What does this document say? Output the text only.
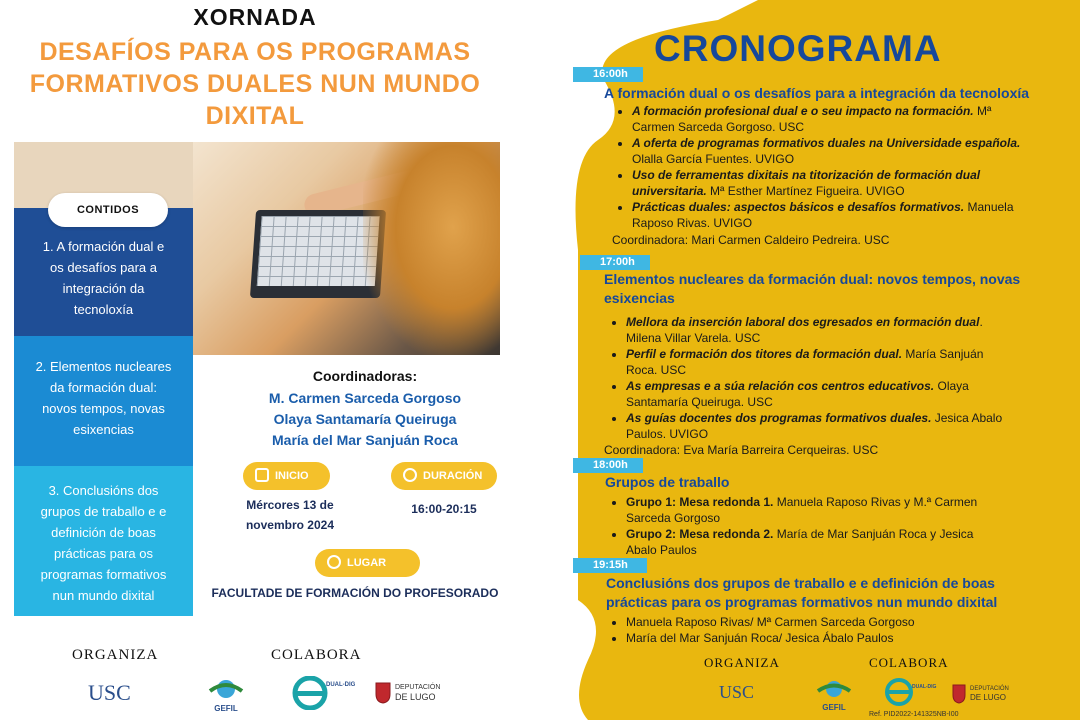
XORNADA
DESAFÍOS PARA OS PROGRAMAS
FORMATIVOS DUALES NUN MUNDO
DIXITAL
1. A formación dual e
os desafíos para a
integración da
tecnoloxía
2. Elementos nucleares
da formación dual:
novos tempos, novas
esixencias
3. Conclusións dos
grupos de traballo e e
definición de boas
prácticas para os
programas formativos
nun mundo dixital
CONTIDOS
Coordinadoras:
M. Carmen Sarceda Gorgoso
Olaya Santamaría Queiruga
María del Mar Sanjuán Roca
INICIO	DURACIÓN
Mércores 13 de
novembro 2024
16:00-20:15
LUGAR
FACULTADE DE FORMACIÓN DO PROFESORADO
ORGANIZA	COLABORA
USC
GEFIL
DUAL-DIG	DEPUTACIÓN
DE LUGO
CRONOGRAMA
16:00h
A formación dual o os desafíos para a integración da tecnoloxía
• A formación profesional dual e o seu impacto na formación. Mª
Carmen Sarceda Gorgoso. USC
• A oferta de programas formativos duales na Universidade española.
Olalla García Fuentes. UVIGO
• Uso de ferramentas dixitais na titorización de formación dual
universitaria. Mª Esther Martínez Figueira. UVIGO
• Prácticas duales: aspectos básicos e desafíos formativos. Manuela
Raposo Rivas. UVIGO
Coordinadora: Mari Carmen Caldeiro Pedreira. USC
17:00h
Elementos nucleares da formación dual: novos tempos, novas
esixencias
• Mellora da inserción laboral dos egresados en formación dual.
Milena Villar Varela. USC
• Perfil e formación dos titores da formación dual. María Sanjuán
Roca. USC
• As empresas e a súa relación cos centros educativos. Olaya
Santamaría Queiruga. USC
• As guías docentes dos programas formativos duales. Jesica Abalo
Paulos. UVIGO
Coordinadora: Eva María Barreira Cerqueiras. USC
18:00h
Grupos de traballo
• Grupo 1: Mesa redonda 1. Manuela Raposo Rivas y M.ª Carmen
Sarceda Gorgoso
• Grupo 2: Mesa redonda 2. María de Mar Sanjuán Roca y Jesica
Abalo Paulos
19:15h
Conclusións dos grupos de traballo e e definición de boas
prácticas para os programas formativos nun mundo dixital
• Manuela Raposo Rivas/ Mª Carmen Sarceda Gorgoso
• María del Mar Sanjuán Roca/ Jesica Ábalo Paulos
ORGANIZA	COLABORA
USC
GEFIL
DUAL-DIG
Ref. PID2022-141325NB-I00
DEPUTACIÓN
DE LUGO
